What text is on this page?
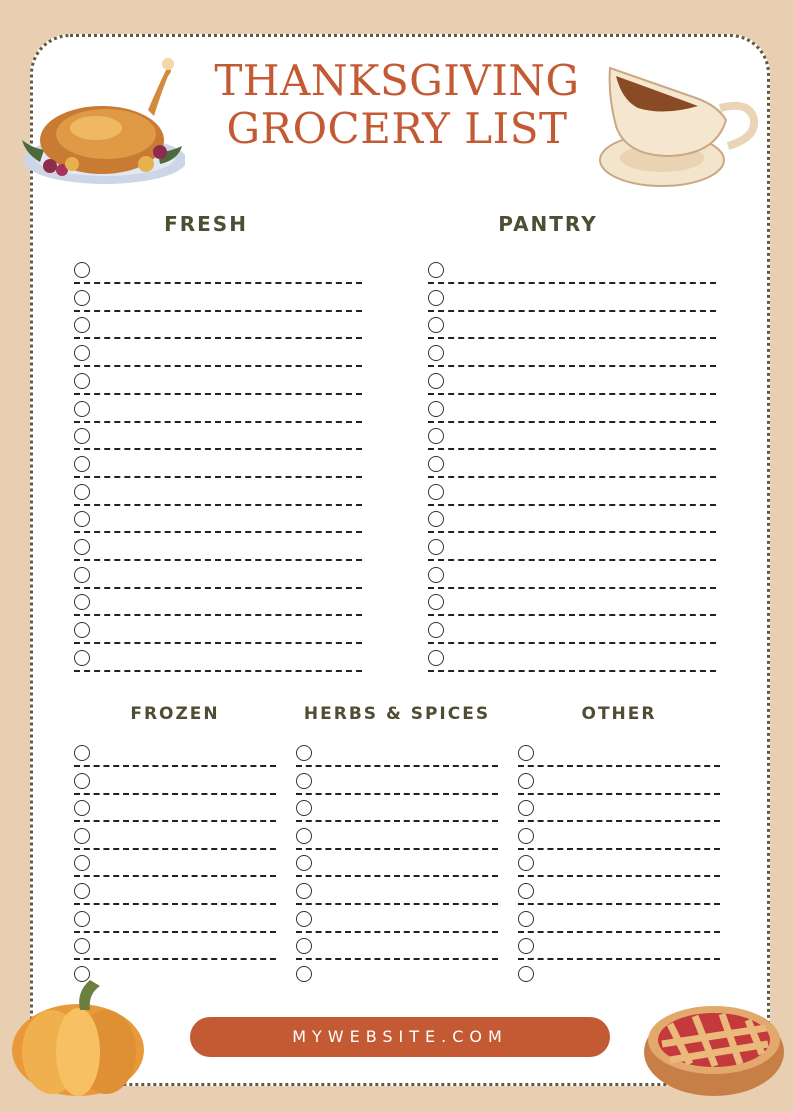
THANKSGIVING
GROCERY LIST
FRESH	PANTRY
FROZEN	HERBS & SPICES	OTHER
MYWEBSITE.COM
